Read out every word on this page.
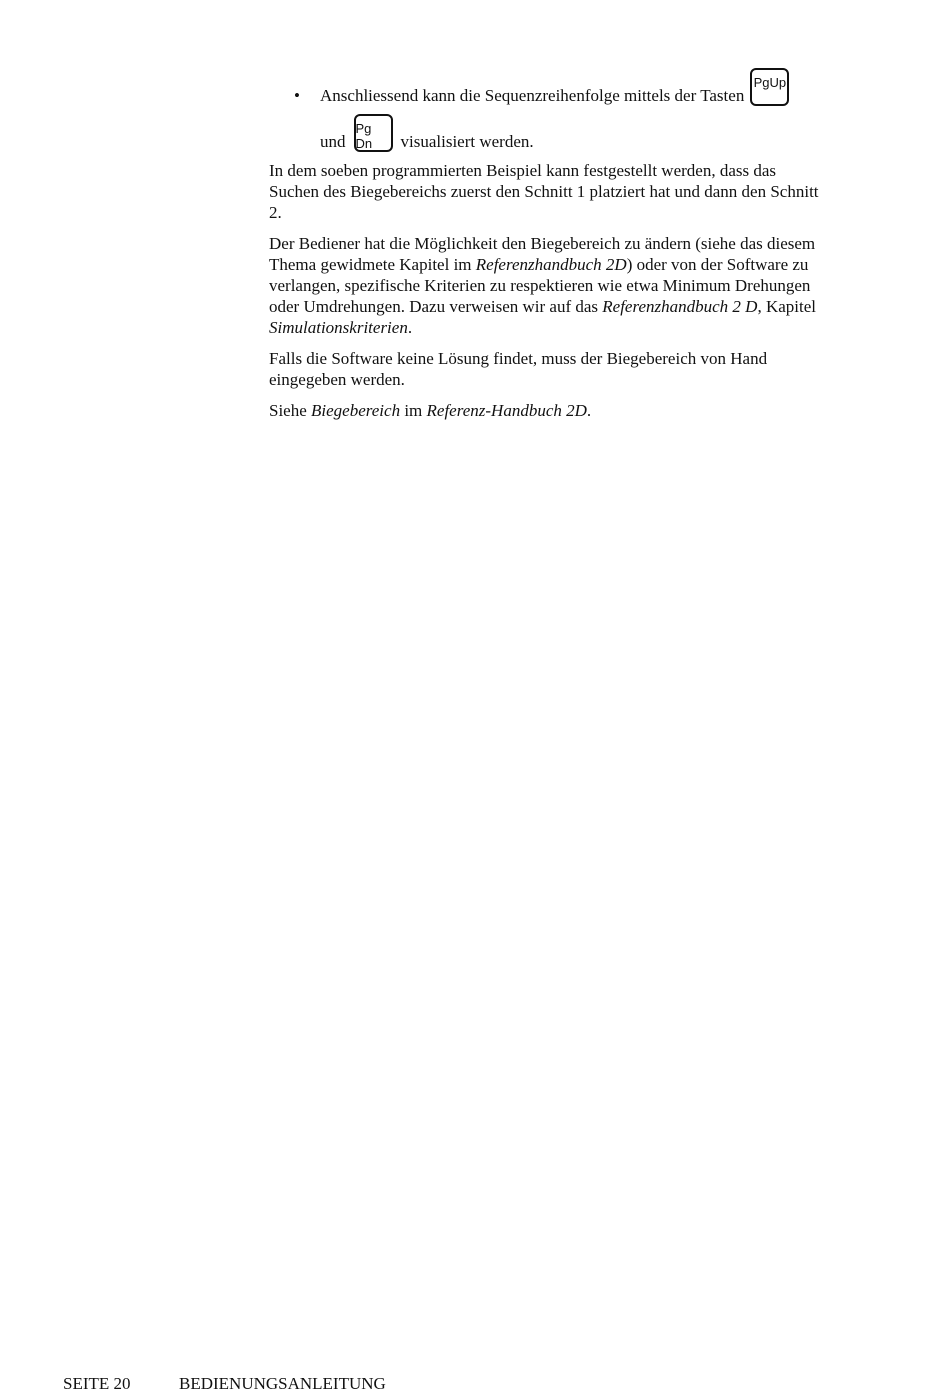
• Anschliessend kann die Sequenzreihenfolge mittels der Tasten
PgUp
und
Pg Dn	visualisiert werden.

In dem soeben programmierten Beispiel kann festgestellt werden, dass das Suchen des Biegebereichs zuerst den Schnitt 1 platziert hat und dann den Schnitt 2.

Der Bediener hat die Möglichkeit den Biegebereich zu ändern (siehe das diesem Thema gewidmete Kapitel im Referenzhandbuch 2D) oder von der Software zu verlangen, spezifische Kriterien zu respektieren wie etwa Minimum Drehungen oder Umdrehungen. Dazu verweisen wir auf das Referenzhandbuch 2 D, Kapitel Simulationskriterien.

Falls die Software keine Lösung findet, muss der Biegebereich von Hand eingegeben werden.

Siehe Biegebereich im Referenz-Handbuch 2D.

SEITE 20	BEDIENUNGSANLEITUNG
